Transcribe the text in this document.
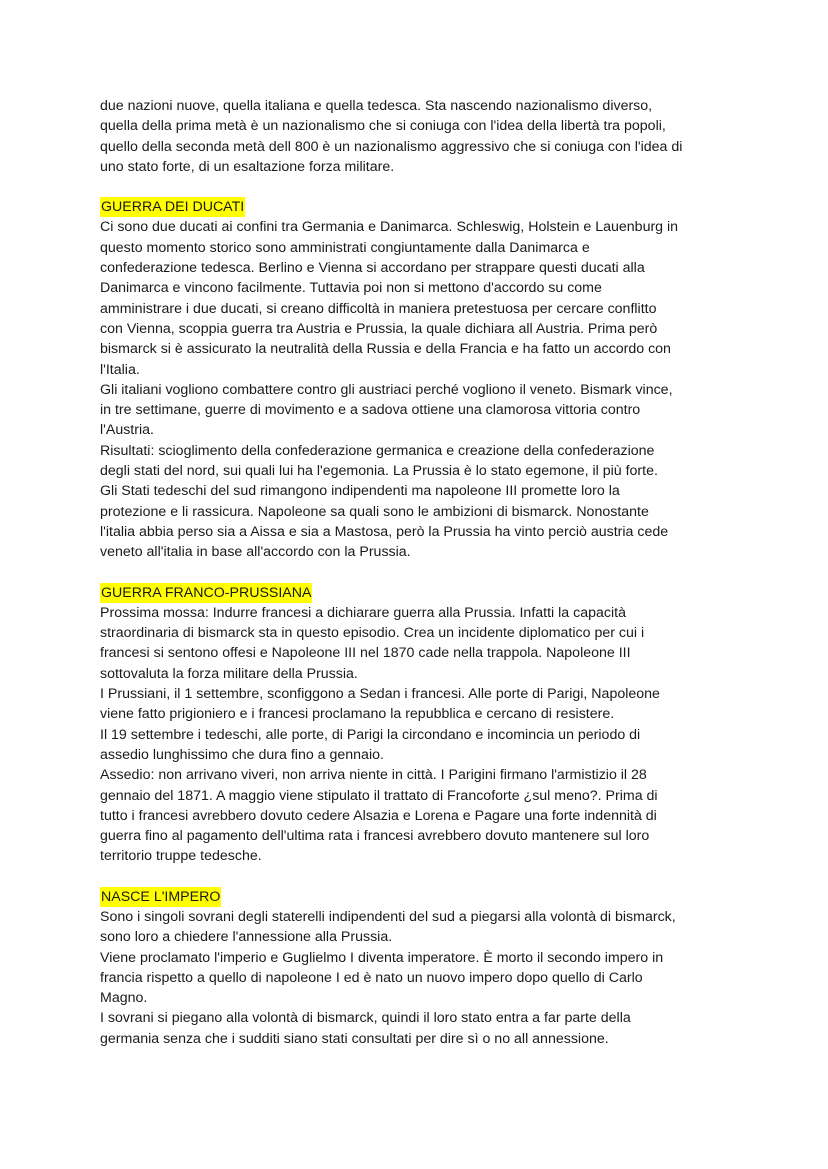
due nazioni nuove, quella italiana e quella tedesca. Sta nascendo nazionalismo diverso,
quella della prima metà è un nazionalismo che si coniuga con l'idea della libertà tra popoli,
quello della seconda metà dell 800 è un nazionalismo aggressivo che si coniuga con l'idea di
uno stato forte, di un esaltazione forza militare.
GUERRA DEI DUCATI
Ci sono due ducati ai confini tra Germania e Danimarca. Schleswig, Holstein e Lauenburg in
questo momento storico sono amministrati congiuntamente dalla Danimarca e
confederazione tedesca. Berlino e Vienna si accordano per strappare questi ducati alla
Danimarca e vincono facilmente. Tuttavia poi non si mettono d'accordo su come
amministrare i due ducati, si creano difficoltà in maniera pretestuosa per cercare conflitto
con Vienna, scoppia guerra tra Austria e Prussia, la quale dichiara all Austria. Prima però
bismarck si è assicurato la neutralità della Russia e della Francia e ha fatto un accordo con
l'Italia.
Gli italiani vogliono combattere contro gli austriaci perché vogliono il veneto. Bismark vince,
in tre settimane, guerre di movimento e a sadova ottiene una clamorosa vittoria contro
l'Austria.
Risultati: scioglimento della confederazione germanica e creazione della confederazione
degli stati del nord, sui quali lui ha l'egemonia. La Prussia è lo stato egemone, il più forte.
Gli Stati tedeschi del sud rimangono indipendenti ma napoleone III promette loro la
protezione e li rassicura. Napoleone sa quali sono le ambizioni di bismarck. Nonostante
l'italia abbia perso sia a Aissa e sia a Mastosa, però la Prussia ha vinto perciò austria cede
veneto all'italia in base all'accordo con la Prussia.
GUERRA FRANCO-PRUSSIANA
Prossima mossa: Indurre francesi a dichiarare guerra alla Prussia. Infatti la capacità
straordinaria di bismarck sta in questo episodio. Crea un incidente diplomatico per cui i
francesi si sentono offesi e Napoleone III nel 1870 cade nella trappola. Napoleone III
sottovaluta la forza militare della Prussia.
I Prussiani, il 1 settembre, sconfiggono a Sedan i francesi. Alle porte di Parigi, Napoleone
viene fatto prigioniero e i francesi proclamano la repubblica e cercano di resistere.
Il 19 settembre i tedeschi, alle porte, di Parigi la circondano e incomincia un periodo di
assedio lunghissimo che dura fino a gennaio.
Assedio: non arrivano viveri, non arriva niente in città. I Parigini firmano l'armistizio il 28
gennaio del 1871. A maggio viene stipulato il trattato di Francoforte ¿sul meno?. Prima di
tutto i francesi avrebbero dovuto cedere Alsazia e Lorena e Pagare una forte indennità di
guerra fino al pagamento dell'ultima rata i francesi avrebbero dovuto mantenere sul loro
territorio truppe tedesche.
NASCE L'IMPERO
Sono i singoli sovrani degli staterelli indipendenti del sud a piegarsi alla volontà di bismarck,
sono loro a chiedere l'annessione alla Prussia.
Viene proclamato l'imperio e Guglielmo I diventa imperatore. È morto il secondo impero in
francia rispetto a quello di napoleone I ed è nato un nuovo impero dopo quello di Carlo
Magno.
I sovrani si piegano alla volontà di bismarck, quindi il loro stato entra a far parte della
germania senza che i sudditi siano stati consultati per dire sì o no all annessione.
